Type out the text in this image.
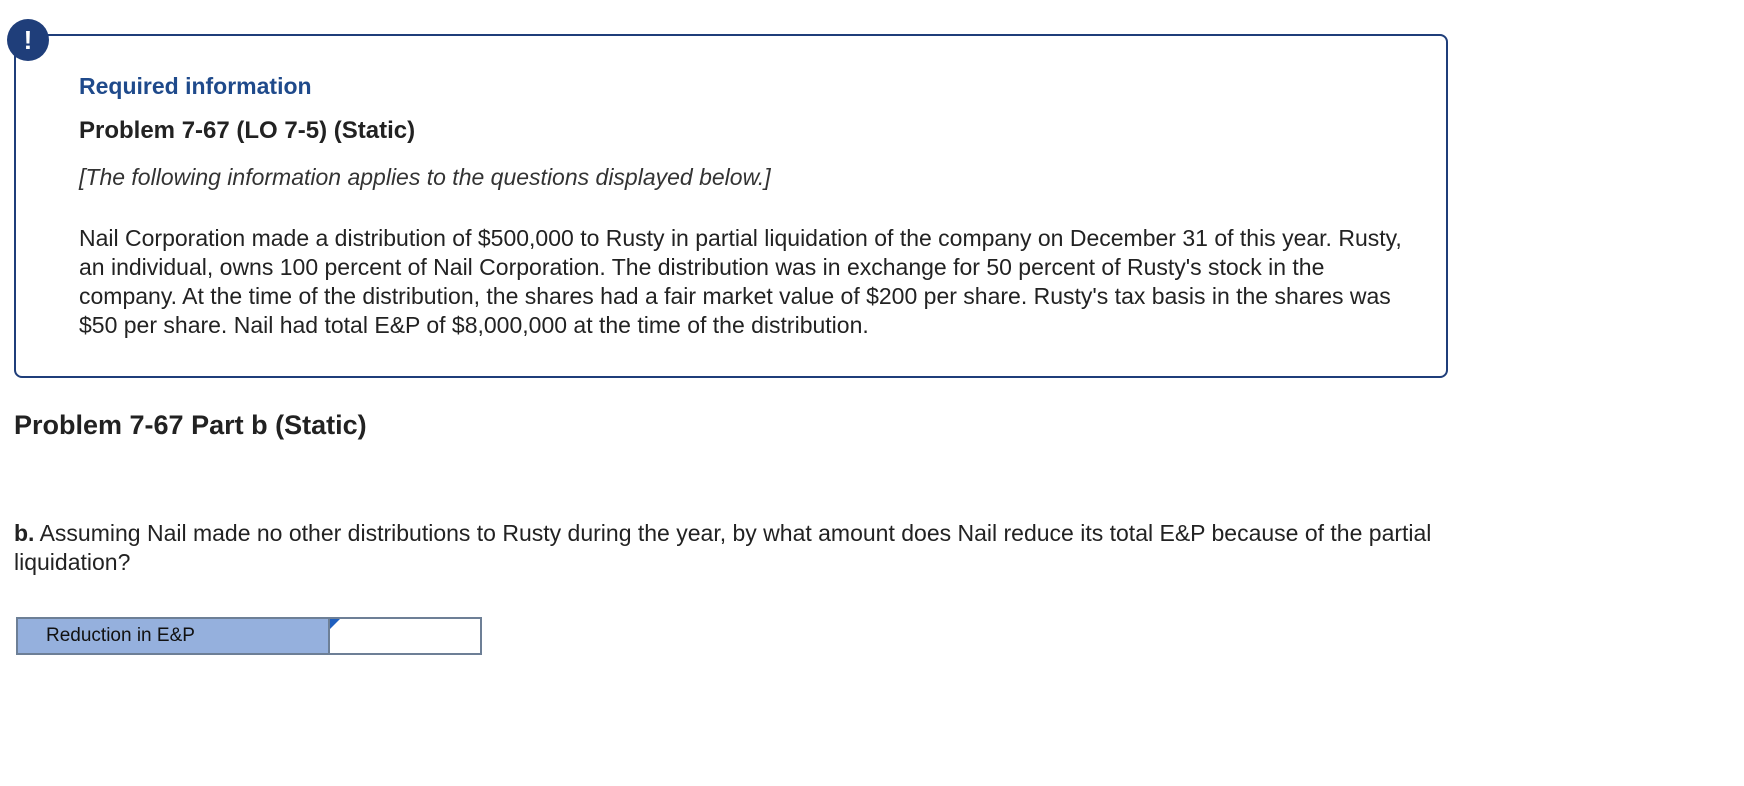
!
Required information
Problem 7-67 (LO 7-5) (Static)
[The following information applies to the questions displayed below.]
Nail Corporation made a distribution of $500,000 to Rusty in partial liquidation of the company on December 31 of this year. Rusty, an individual, owns 100 percent of Nail Corporation. The distribution was in exchange for 50 percent of Rusty's stock in the company. At the time of the distribution, the shares had a fair market value of $200 per share. Rusty's tax basis in the shares was $50 per share. Nail had total E&P of $8,000,000 at the time of the distribution.
Problem 7-67 Part b (Static)
b. Assuming Nail made no other distributions to Rusty during the year, by what amount does Nail reduce its total E&P because of the partial liquidation?
Reduction in E&P
